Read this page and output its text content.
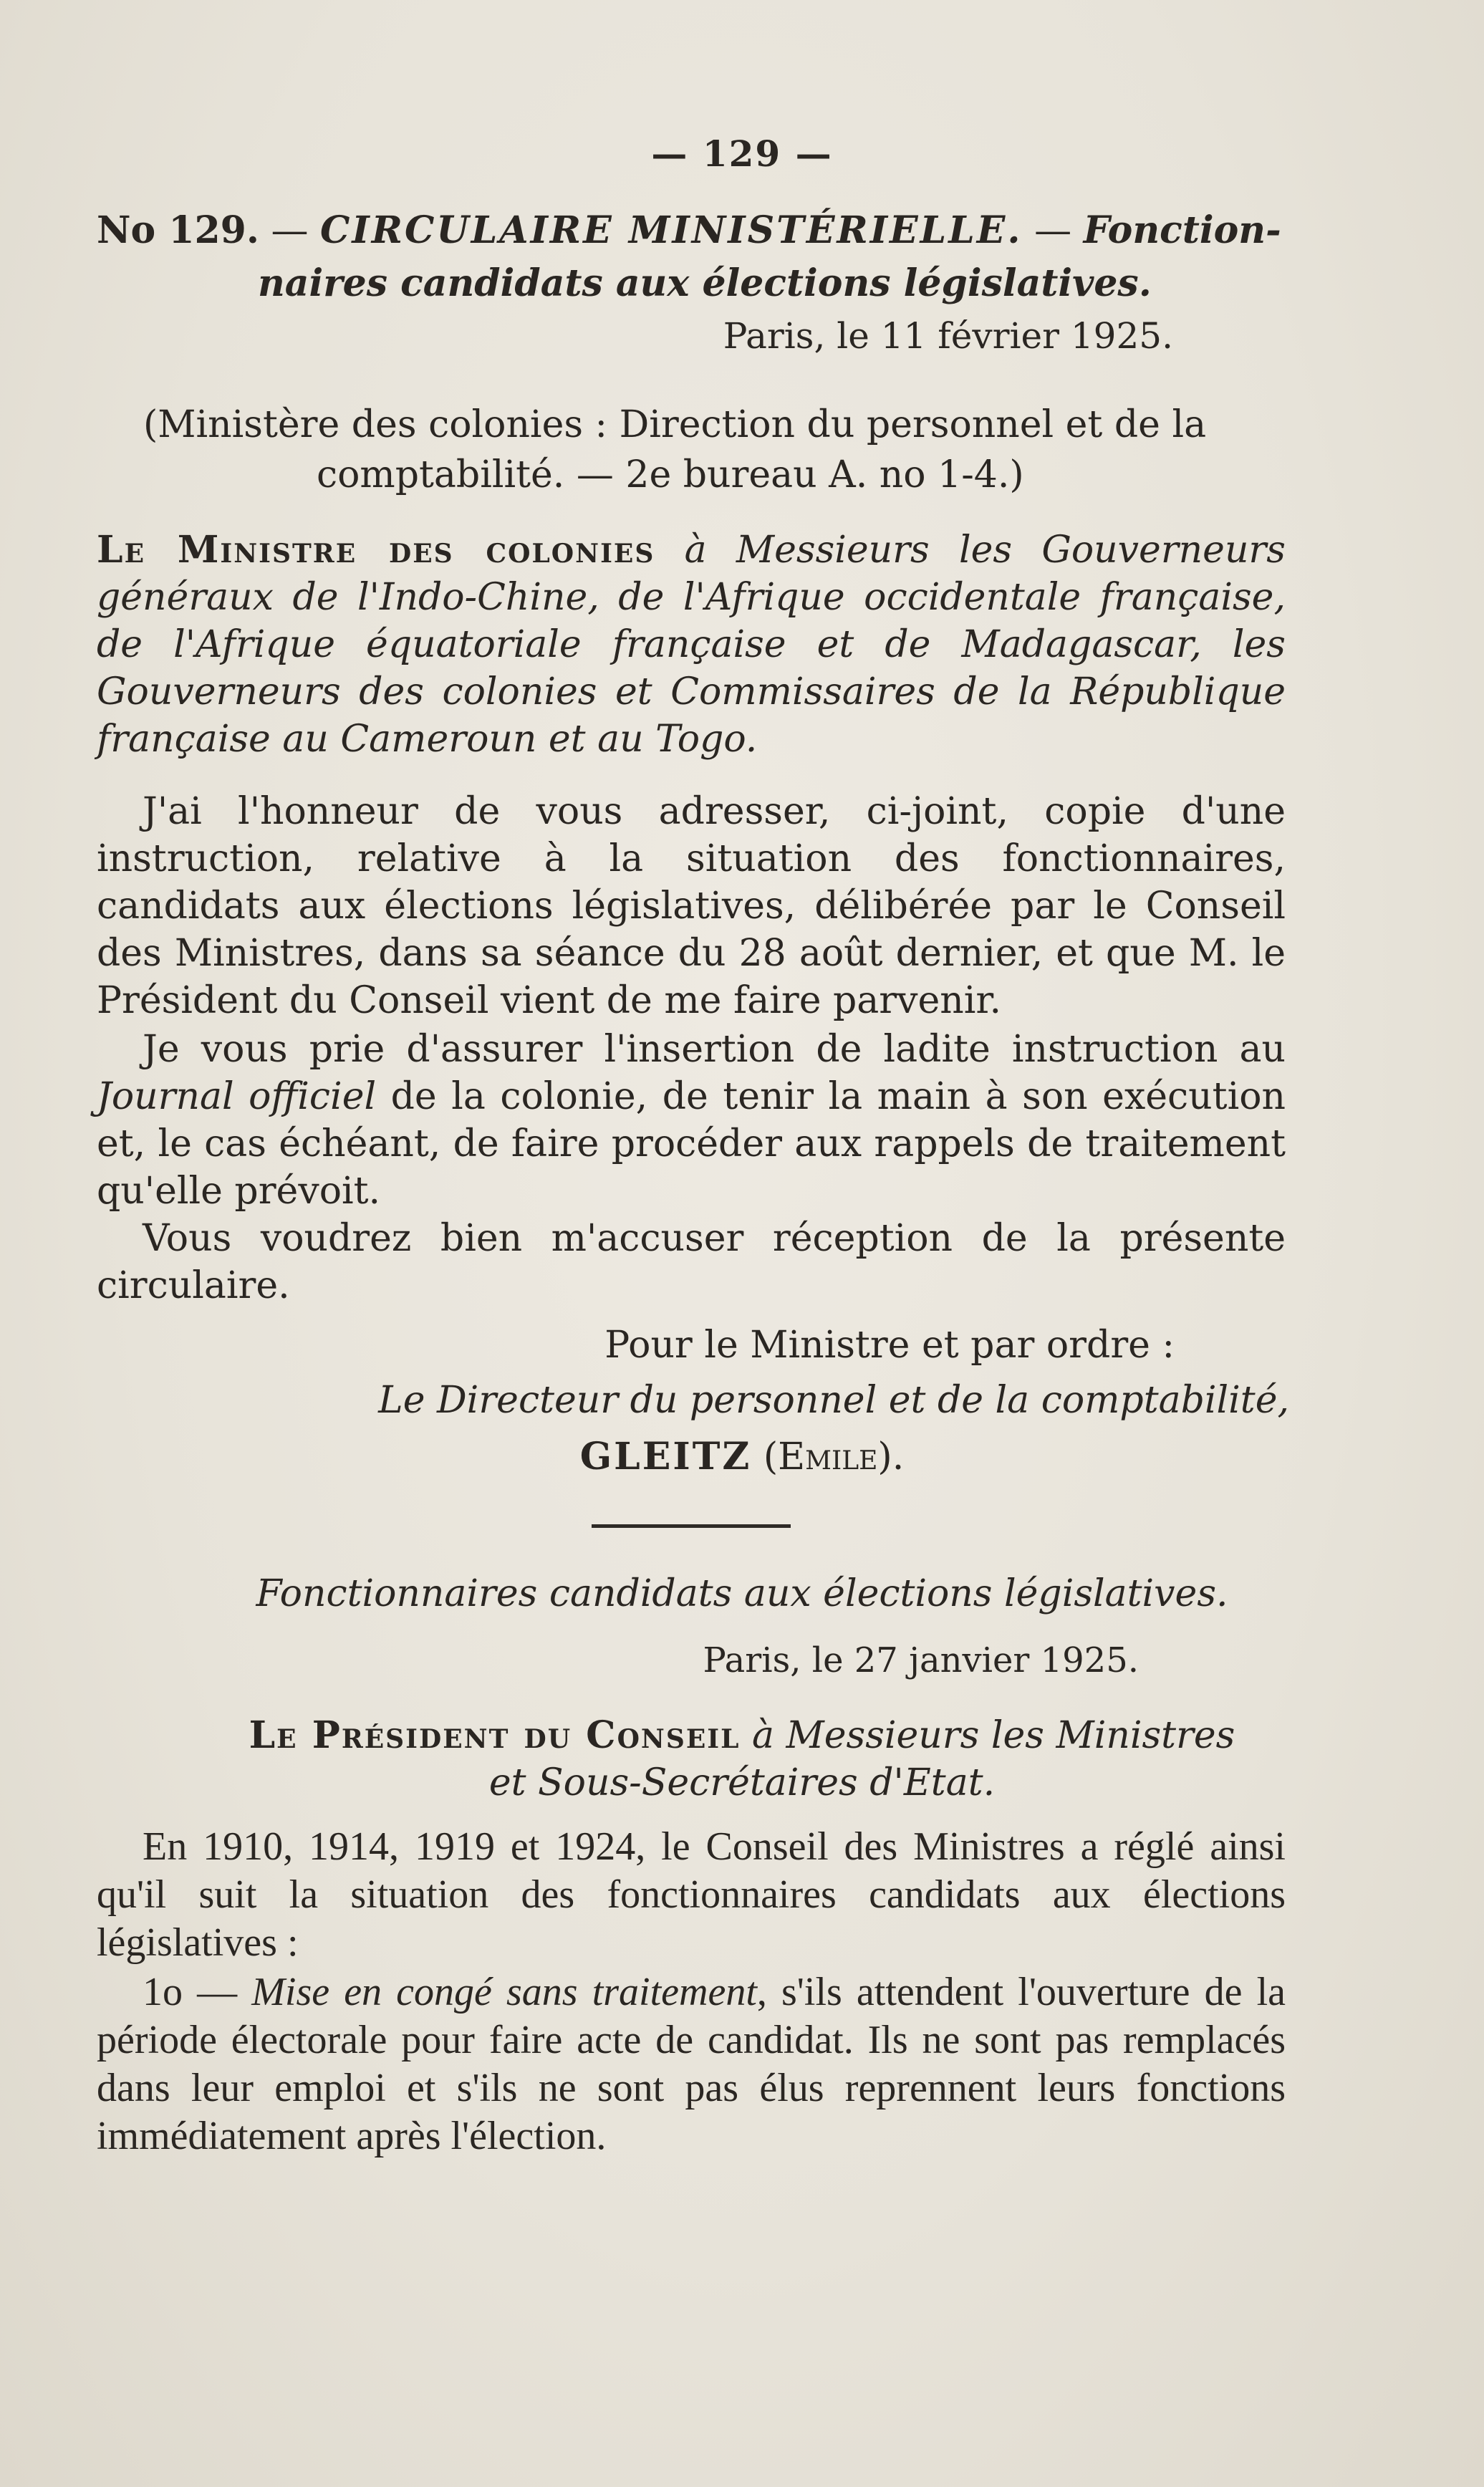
— 129 —

No 129. — CIRCULAIRE MINISTÉRIELLE. — Fonction-
naires candidats aux élections législatives.

Paris, le 11 février 1925.

(Ministère des colonies : Direction du personnel et de la
comptabilité. — 2e bureau A. no 1-4.)

Le Ministre des colonies à Messieurs les Gouverneurs généraux de l'Indo-Chine, de l'Afrique occidentale française, de l'Afrique équatoriale française et de Madagascar, les Gouverneurs des colonies et Commissaires de la République française au Cameroun et au Togo.

J'ai l'honneur de vous adresser, ci-joint, copie d'une instruction, relative à la situation des fonctionnaires, candidats aux élections législatives, délibérée par le Conseil des Ministres, dans sa séance du 28 août dernier, et que M. le Président du Conseil vient de me faire parvenir.

Je vous prie d'assurer l'insertion de ladite instruction au Journal officiel de la colonie, de tenir la main à son exécution et, le cas échéant, de faire procéder aux rappels de traitement qu'elle prévoit.

Vous voudrez bien m'accuser réception de la présente circulaire.

Pour le Ministre et par ordre :

Le Directeur du personnel et de la comptabilité,

GLEITZ (Emile).

Fonctionnaires candidats aux élections législatives.

Paris, le 27 janvier 1925.

Le Président du Conseil à Messieurs les Ministres
et Sous-Secrétaires d'Etat.

En 1910, 1914, 1919 et 1924, le Conseil des Ministres a réglé ainsi qu'il suit la situation des fonctionnaires candidats aux élections législatives :

1o — Mise en congé sans traitement, s'ils attendent l'ouverture de la période électorale pour faire acte de candidat. Ils ne sont pas remplacés dans leur emploi et s'ils ne sont pas élus reprennent leurs fonctions immédiatement après l'élection.
